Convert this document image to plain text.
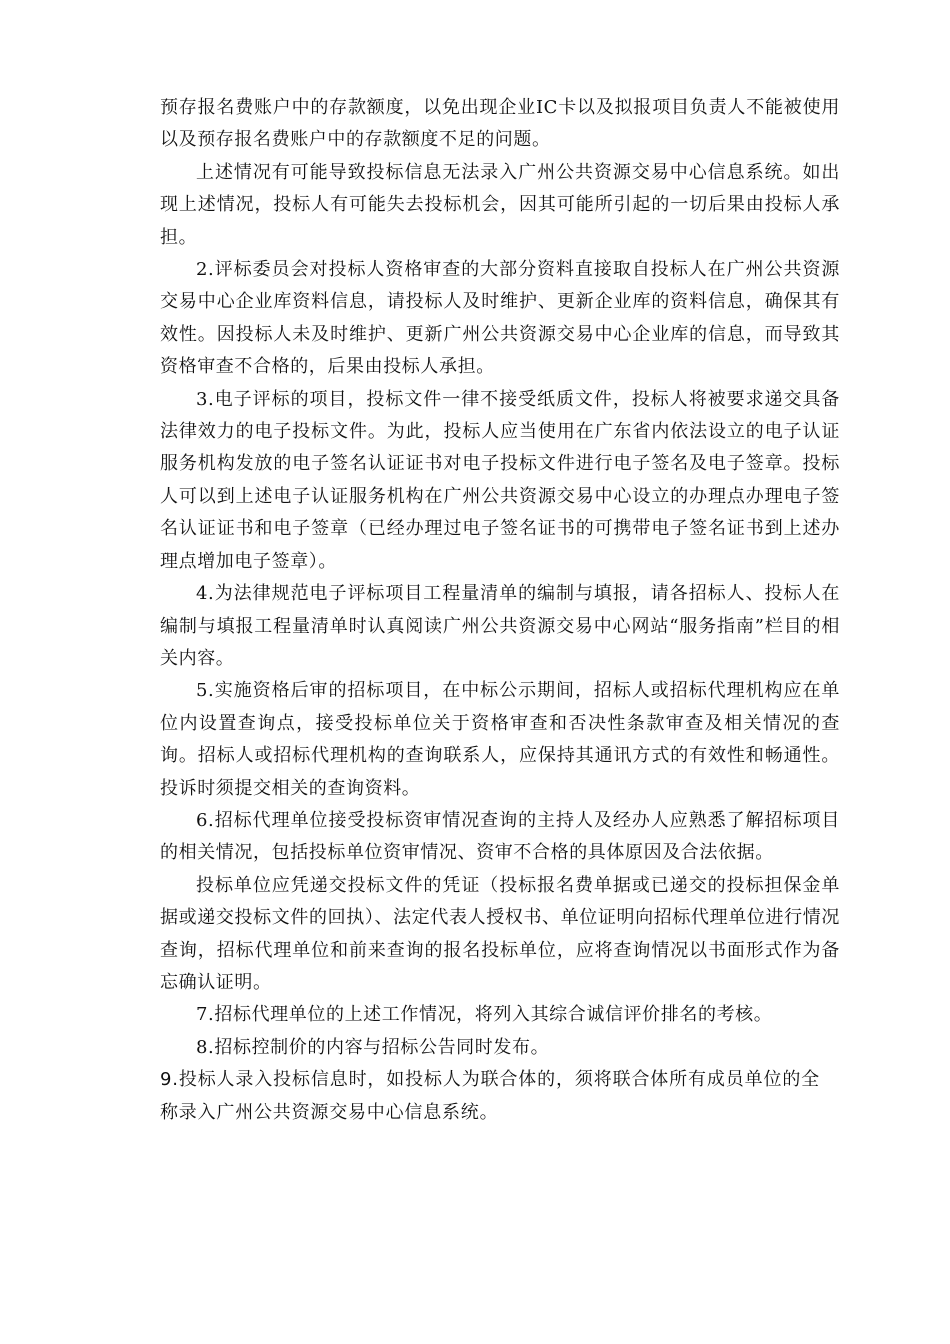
预存报名费账户中的存款额度，以免出现企业IC卡以及拟报项目负责人不能被使用以及预存报名费账户中的存款额度不足的问题。

上述情况有可能导致投标信息无法录入广州公共资源交易中心信息系统。如出现上述情况，投标人有可能失去投标机会，因其可能所引起的一切后果由投标人承担。

2.评标委员会对投标人资格审查的大部分资料直接取自投标人在广州公共资源交易中心企业库资料信息，请投标人及时维护、更新企业库的资料信息，确保其有效性。因投标人未及时维护、更新广州公共资源交易中心企业库的信息，而导致其资格审查不合格的，后果由投标人承担。

3.电子评标的项目，投标文件一律不接受纸质文件，投标人将被要求递交具备法律效力的电子投标文件。为此，投标人应当使用在广东省内依法设立的电子认证服务机构发放的电子签名认证证书对电子投标文件进行电子签名及电子签章。投标人可以到上述电子认证服务机构在广州公共资源交易中心设立的办理点办理电子签名认证证书和电子签章（已经办理过电子签名证书的可携带电子签名证书到上述办理点增加电子签章）。

4.为法律规范电子评标项目工程量清单的编制与填报，请各招标人、投标人在编制与填报工程量清单时认真阅读广州公共资源交易中心网站“服务指南”栏目的相关内容。

5.实施资格后审的招标项目，在中标公示期间，招标人或招标代理机构应在单位内设置查询点，接受投标单位关于资格审查和否决性条款审查及相关情况的查询。招标人或招标代理机构的查询联系人，应保持其通讯方式的有效性和畅通性。投诉时须提交相关的查询资料。

6.招标代理单位接受投标资审情况查询的主持人及经办人应熟悉了解招标项目的相关情况，包括投标单位资审情况、资审不合格的具体原因及合法依据。

投标单位应凭递交投标文件的凭证（投标报名费单据或已递交的投标担保金单据或递交投标文件的回执）、法定代表人授权书、单位证明向招标代理单位进行情况查询，招标代理单位和前来查询的报名投标单位，应将查询情况以书面形式作为备忘确认证明。

7.招标代理单位的上述工作情况，将列入其综合诚信评价排名的考核。

8.招标控制价的内容与招标公告同时发布。

9.投标人录入投标信息时，如投标人为联合体的，须将联合体所有成员单位的全称录入广州公共资源交易中心信息系统。
